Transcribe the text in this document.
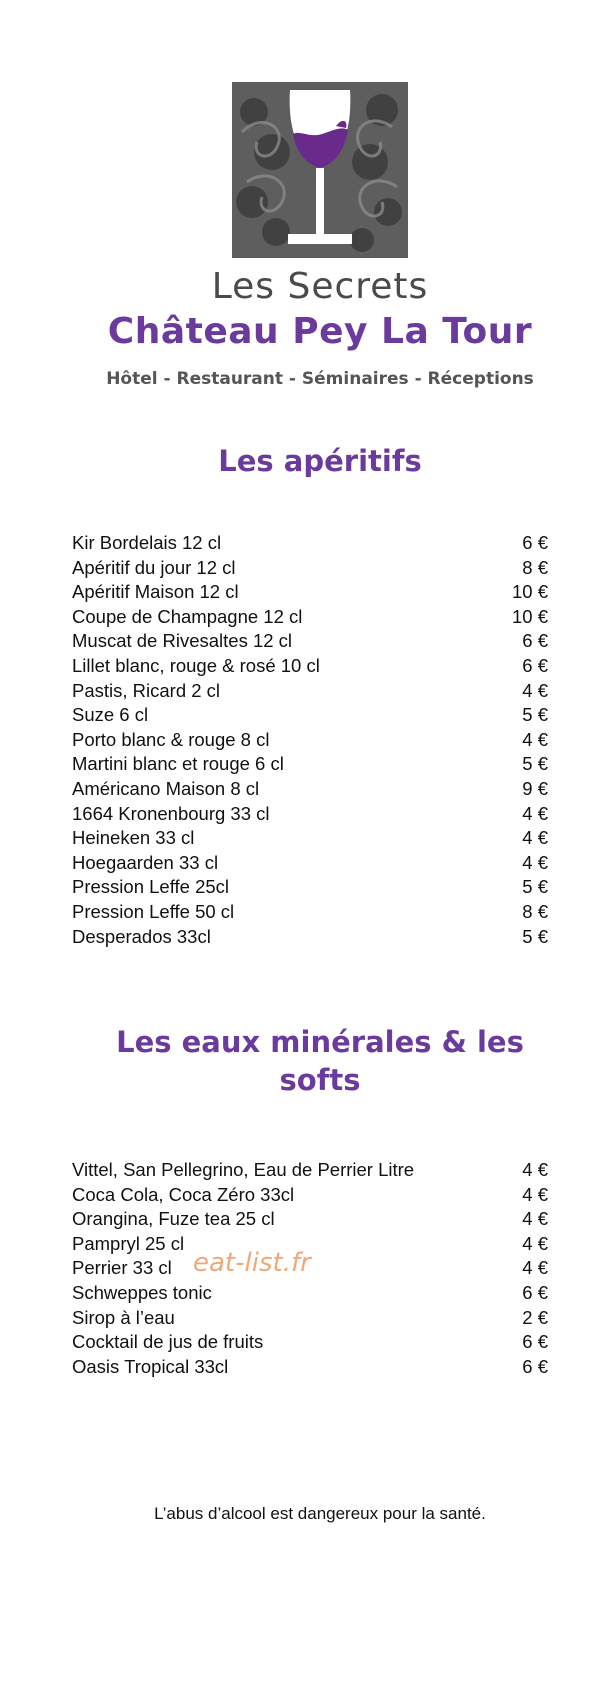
Les Secrets
Château Pey La Tour
Hôtel - Restaurant - Séminaires - Réceptions
Les apéritifs
Kir Bordelais 12 cl	6 €
Apéritif du jour 12 cl	8 €
Apéritif Maison 12 cl	10 €
Coupe de Champagne 12 cl	10 €
Muscat de Rivesaltes 12 cl	6 €
Lillet blanc, rouge & rosé 10 cl	6 €
Pastis, Ricard 2 cl	4 €
Suze 6 cl	5 €
Porto blanc & rouge 8 cl	4 €
Martini blanc et rouge 6 cl	5 €
Américano Maison 8 cl	9 €
1664 Kronenbourg 33 cl	4 €
Heineken 33 cl	4 €
Hoegaarden 33 cl	4 €
Pression Leffe 25cl	5 €
Pression Leffe 50 cl	8 €
Desperados 33cl	5 €
Les eaux minérales & les softs
Vittel, San Pellegrino, Eau de Perrier Litre	4 €
Coca Cola, Coca Zéro 33cl	4 €
Orangina, Fuze tea 25 cl	4 €
Pampryl 25 cl	4 €
Perrier 33 cl	4 €
Schweppes tonic	6 €
Sirop à l’eau	2 €
Cocktail de jus de fruits	6 €
Oasis Tropical 33cl	6 €
eat-list.fr
L’abus d’alcool est dangereux pour la santé.
